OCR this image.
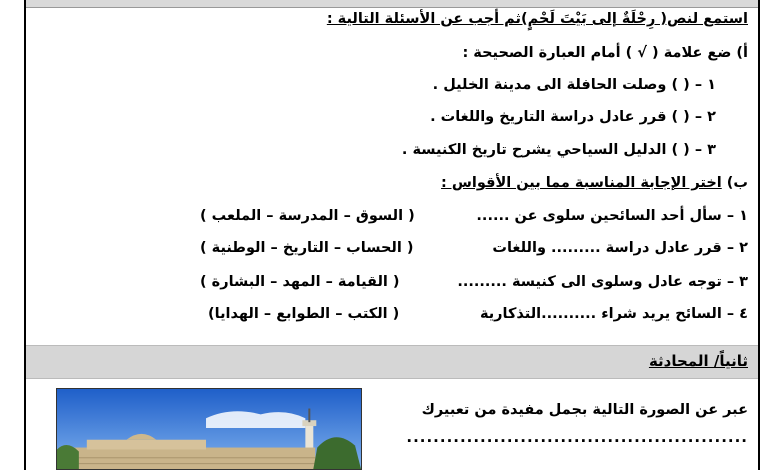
استمع لنص( رِحْلَةٌ إلى بَيْتَ لَحْمٍ)ثم أجب عن الأسئلة التالية :
أ) ضع علامة ( √ ) أمام العبارة الصحيحة :
١ – ( ) وصلت الحافلة الى مدينة الخليل .
٢ – ( ) قرر عادل دراسة التاريخ واللغات .
٣ – ( ) الدليل السياحي يشرح تاريخ الكنيسة .
ب) اختر الإجابة المناسبة مما بين الأقواس :
١ – سأل أحد السائحين سلوى عن ......
( السوق – المدرسة – الملعب )
٢ – قرر عادل دراسة ......... واللغات
( الحساب – التاريخ – الوطنية )
٣ – توجه عادل وسلوى الى كنيسة .........
( القيامة – المهد – البشارة )
٤ – السائح يريد شراء ..........التذكارية
( الكتب – الطوابع – الهدايا)
ثانياً/ المحادثة
عبر عن الصورة التالية بجمل مفيدة من تعبيرك
...................................................
